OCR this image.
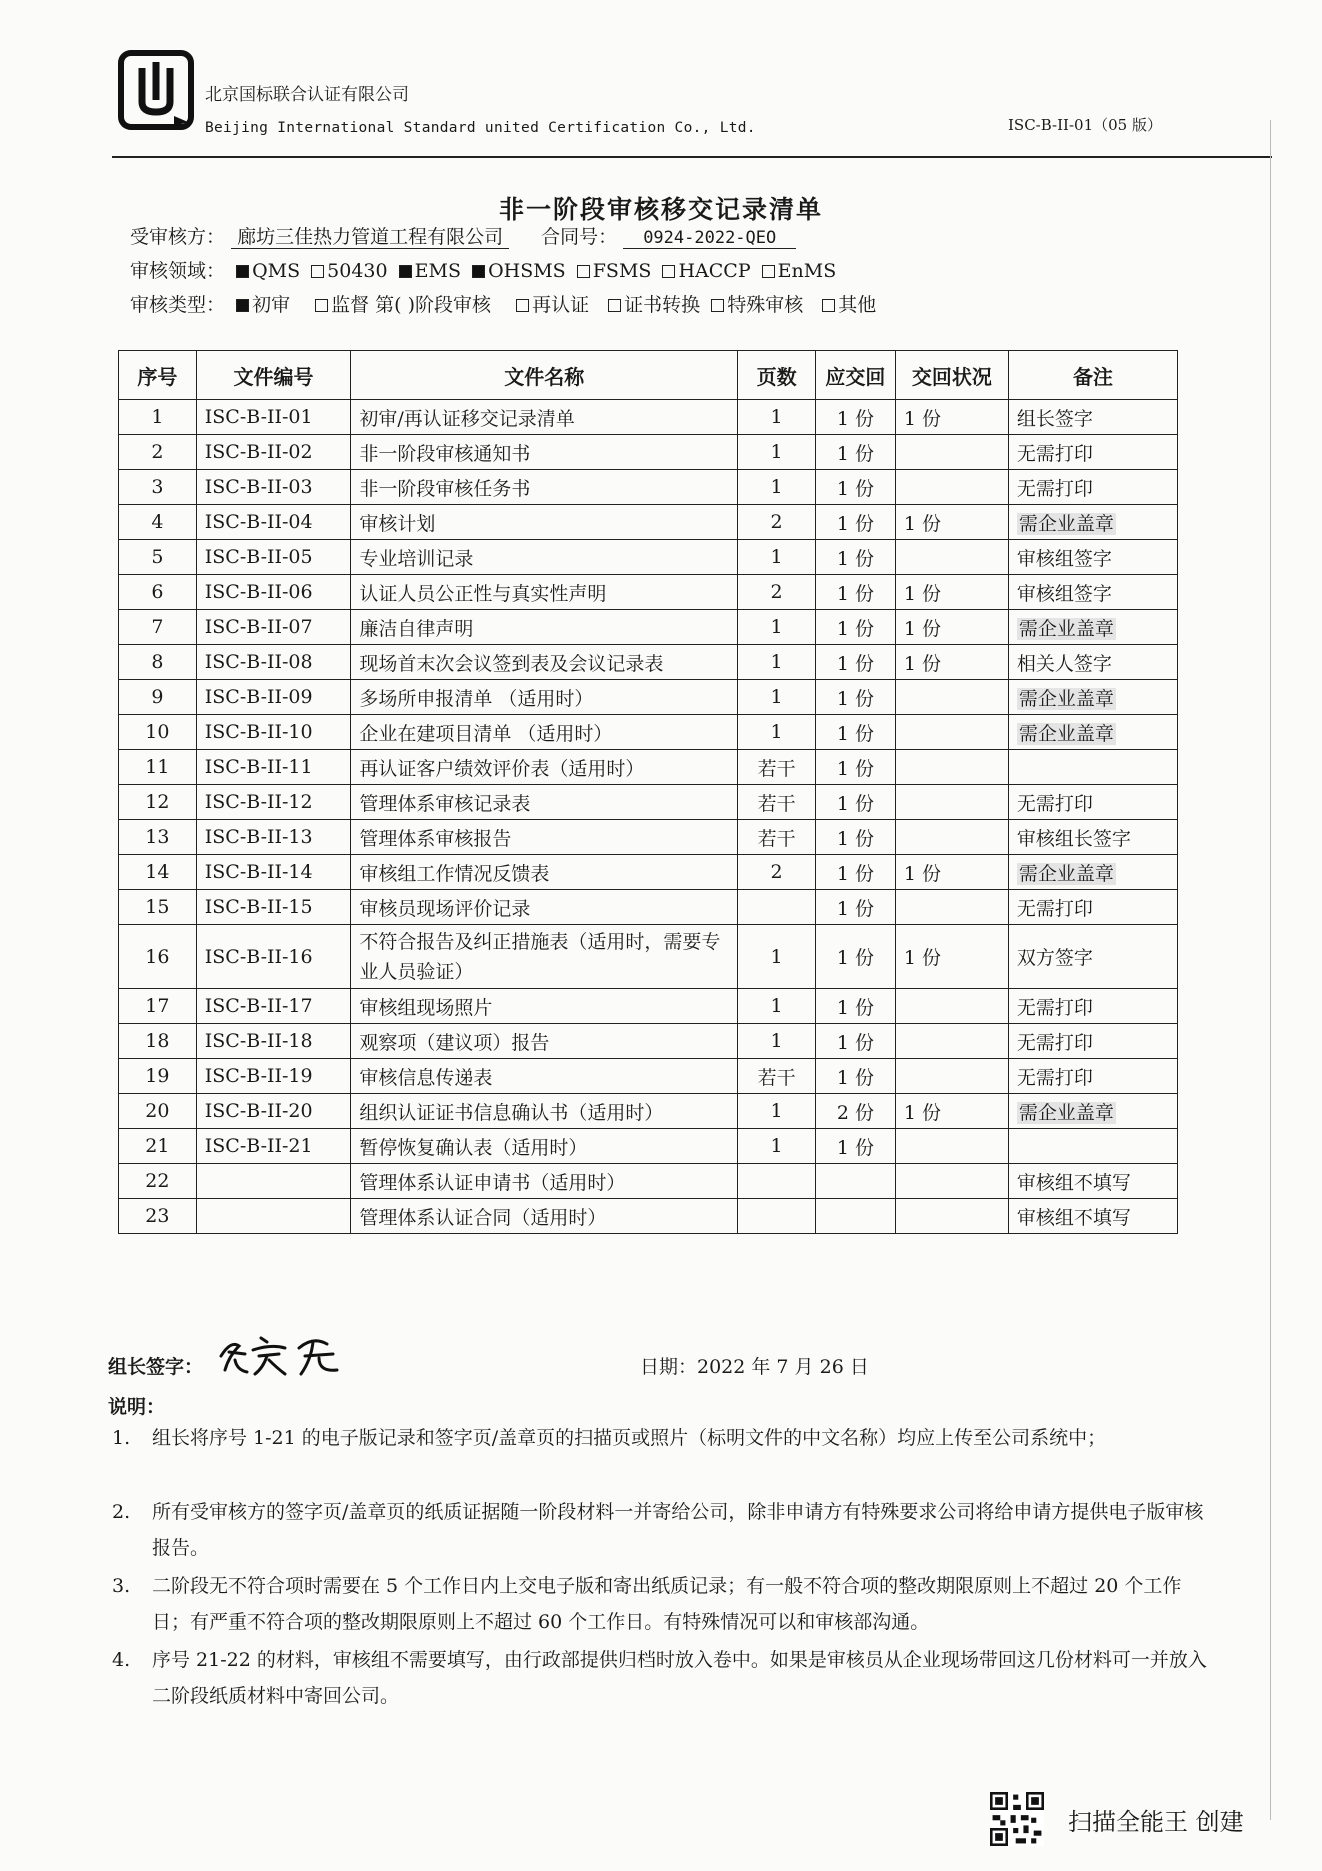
北京国标联合认证有限公司
Beijing International Standard united Certification Co., Ltd.	ISC-B-II-01（05 版）
非一阶段审核移交记录清单
受审核方： 廊坊三佳热力管道工程有限公司 合同号： 0924-2022-QEO
审核领域： QMS 50430 EMS OHSMS FSMS HACCP EnMS
审核类型： 初审 监督 第( )阶段审核 再认证 证书转换 特殊审核 其他
序号	文件编号	文件名称	页数	应交回	交回状况	备注
1	ISC-B-II-01	初审/再认证移交记录清单	1	1 份	1 份	组长签字
2	ISC-B-II-02	非一阶段审核通知书	1	1 份		无需打印
3	ISC-B-II-03	非一阶段审核任务书	1	1 份		无需打印
4	ISC-B-II-04	审核计划	2	1 份	1 份	需企业盖章
5	ISC-B-II-05	专业培训记录	1	1 份		审核组签字
6	ISC-B-II-06	认证人员公正性与真实性声明	2	1 份	1 份	审核组签字
7	ISC-B-II-07	廉洁自律声明	1	1 份	1 份	需企业盖章
8	ISC-B-II-08	现场首末次会议签到表及会议记录表	1	1 份	1 份	相关人签字
9	ISC-B-II-09	多场所申报清单 （适用时）	1	1 份		需企业盖章
10	ISC-B-II-10	企业在建项目清单 （适用时）	1	1 份		需企业盖章
11	ISC-B-II-11	再认证客户绩效评价表（适用时）	若干	1 份		
12	ISC-B-II-12	管理体系审核记录表	若干	1 份		无需打印
13	ISC-B-II-13	管理体系审核报告	若干	1 份		审核组长签字
14	ISC-B-II-14	审核组工作情况反馈表	2	1 份	1 份	需企业盖章
15	ISC-B-II-15	审核员现场评价记录		1 份		无需打印
16	ISC-B-II-16	不符合报告及纠正措施表（适用时，需要专业人员验证）	1	1 份	1 份	双方签字
17	ISC-B-II-17	审核组现场照片	1	1 份		无需打印
18	ISC-B-II-18	观察项（建议项）报告	1	1 份		无需打印
19	ISC-B-II-19	审核信息传递表	若干	1 份		无需打印
20	ISC-B-II-20	组织认证证书信息确认书（适用时）	1	2 份	1 份	需企业盖章
21	ISC-B-II-21	暂停恢复确认表（适用时）	1	1 份		
22		管理体系认证申请书（适用时）				审核组不填写
23		管理体系认证合同（适用时）				审核组不填写
组长签字：	日期：2022 年 7 月 26 日
说明：
1. 组长将序号 1-21 的电子版记录和签字页/盖章页的扫描页或照片（标明文件的中文名称）均应上传至公司系统中；
2. 所有受审核方的签字页/盖章页的纸质证据随一阶段材料一并寄给公司，除非申请方有特殊要求公司将给申请方提供电子版审核报告。
3. 二阶段无不符合项时需要在 5 个工作日内上交电子版和寄出纸质记录；有一般不符合项的整改期限原则上不超过 20 个工作日；有严重不符合项的整改期限原则上不超过 60 个工作日。有特殊情况可以和审核部沟通。
4. 序号 21-22 的材料，审核组不需要填写，由行政部提供归档时放入卷中。如果是审核员从企业现场带回这几份材料可一并放入二阶段纸质材料中寄回公司。
扫描全能王 创建
